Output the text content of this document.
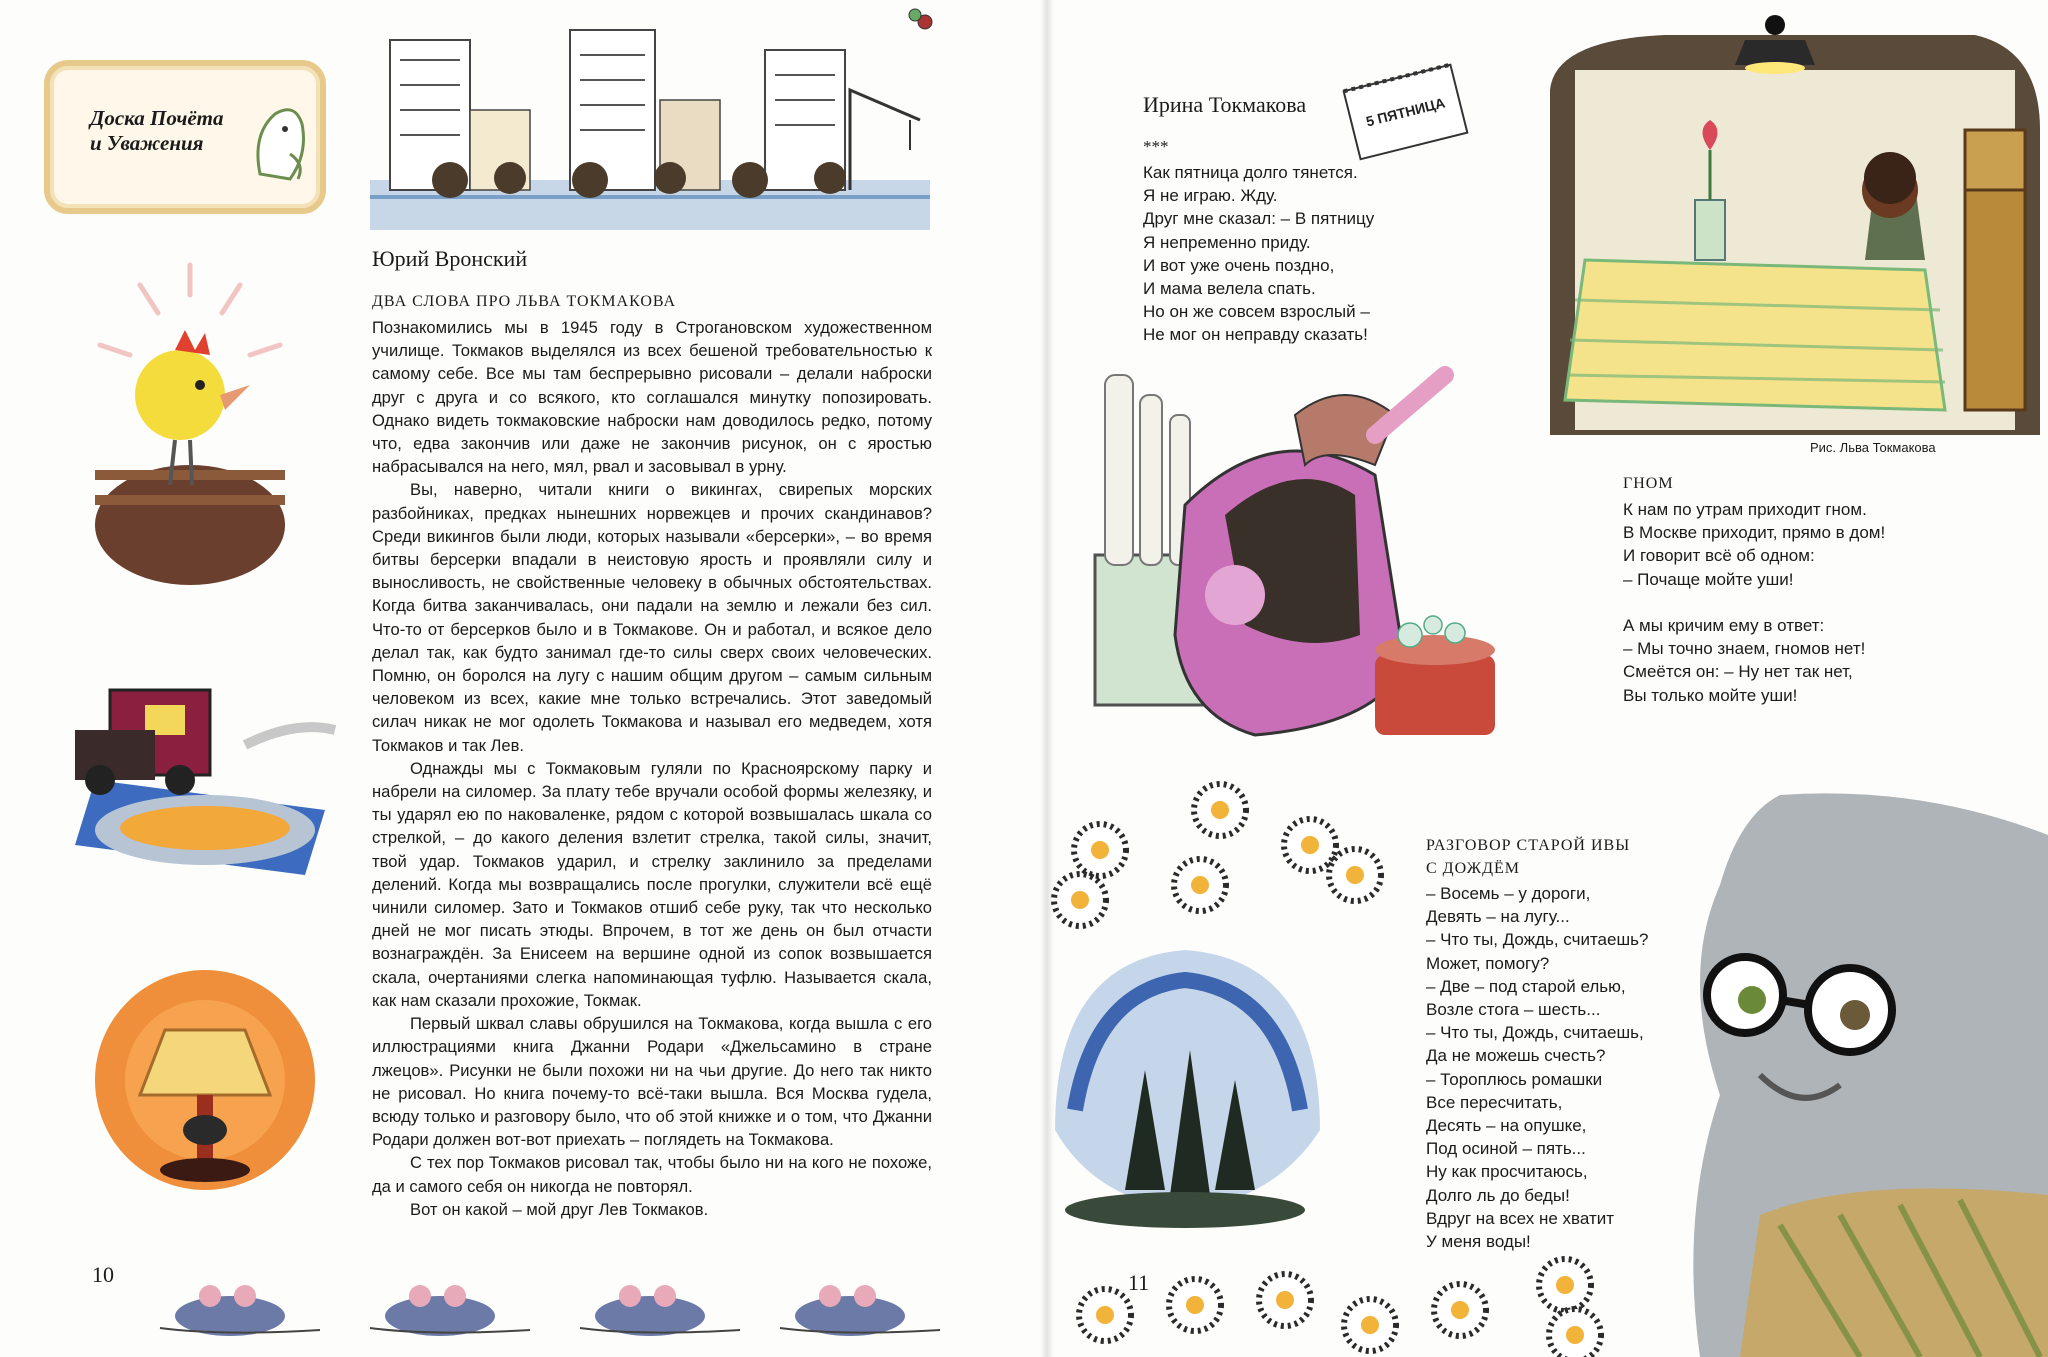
Доска Почёта и Уважения
Юрий Вронский
ДВА СЛОВА ПРО ЛЬВА ТОКМАКОВА

Познакомились мы в 1945 году в Строгановском художественном училище. Токмаков выделялся из всех бешеной требовательностью к самому себе. Все мы там беспрерывно рисовали – делали наброски друг с друга и со всякого, кто соглашался минутку попозировать. Однако видеть токмаковские наброски нам доводилось редко, потому что, едва закончив или даже не закончив рисунок, он с яростью набрасывался на него, мял, рвал и засовывал в урну.

Вы, наверно, читали книги о викингах, свирепых морских разбойниках, предках нынешних норвежцев и прочих скандинавов? Среди викингов были люди, которых называли «берсерки», – во время битвы берсерки впадали в неистовую ярость и проявляли силу и выносливость, не свойственные человеку в обычных обстоятельствах. Когда битва заканчивалась, они падали на землю и лежали без сил. Что-то от берсерков было и в Токмакове. Он и работал, и всякое дело делал так, как будто занимал где-то силы сверх своих человеческих. Помню, он боролся на лугу с нашим общим другом – самым сильным человеком из всех, какие мне только встречались. Этот заведомый силач никак не мог одолеть Токмакова и называл его медведем, хотя Токмаков и так Лев.

Однажды мы с Токмаковым гуляли по Красноярскому парку и набрели на силомер. За плату тебе вручали особой формы железяку, и ты ударял ею по наковаленке, рядом с которой возвышалась шкала со стрелкой, – до какого деления взлетит стрелка, такой силы, значит, твой удар. Токмаков ударил, и стрелку заклинило за пределами делений. Когда мы возвращались после прогулки, служители всё ещё чинили силомер. Зато и Токмаков отшиб себе руку, так что несколько дней не мог писать этюды. Впрочем, в тот же день он был отчасти вознаграждён. За Енисеем на вершине одной из сопок возвышается скала, очертаниями слегка напоминающая туфлю. Называется скала, как нам сказали прохожие, Токмак.

Первый шквал славы обрушился на Токмакова, когда вышла с его иллюстрациями книга Джанни Родари «Джельсамино в стране лжецов». Рисунки не были похожи ни на чьи другие. До него так никто не рисовал. Но книга почему-то всё-таки вышла. Вся Москва гудела, всюду только и разговору было, что об этой книжке и о том, что Джанни Родари должен вот-вот приехать – поглядеть на Токмакова.

С тех пор Токмаков рисовал так, чтобы было ни на кого не похоже, да и самого себя он никогда не повторял.

Вот он какой – мой друг Лев Токмаков.

10
Ирина Токмакова	5 ПЯТНИЦА
***
Как пятница долго тянется.
Я не играю. Жду.
Друг мне сказал: – В пятницу
Я непременно приду.
И вот уже очень поздно,
И мама велела спать.
Но он же совсем взрослый –
Не мог он неправду сказать!
Рис. Льва Токмакова
ГНОМ
К нам по утрам приходит гном.
В Москве приходит, прямо в дом!
И говорит всё об одном:
– Почаще мойте уши!

А мы кричим ему в ответ:
– Мы точно знаем, гномов нет!
Смеётся он: – Ну нет так нет,
Вы только мойте уши!
РАЗГОВОР СТАРОЙ ИВЫ
С ДОЖДЁМ
– Восемь – у дороги,
Девять – на лугу...
– Что ты, Дождь, считаешь?
Может, помогу?
– Две – под старой елью,
Возле стога – шесть...
– Что ты, Дождь, считаешь,
Да не можешь счесть?
– Тороплюсь ромашки
Все пересчитать,
Десять – на опушке,
Под осиной – пять...
Ну как просчитаюсь,
Долго ль до беды!
Вдруг на всех не хватит
У меня воды!
11
